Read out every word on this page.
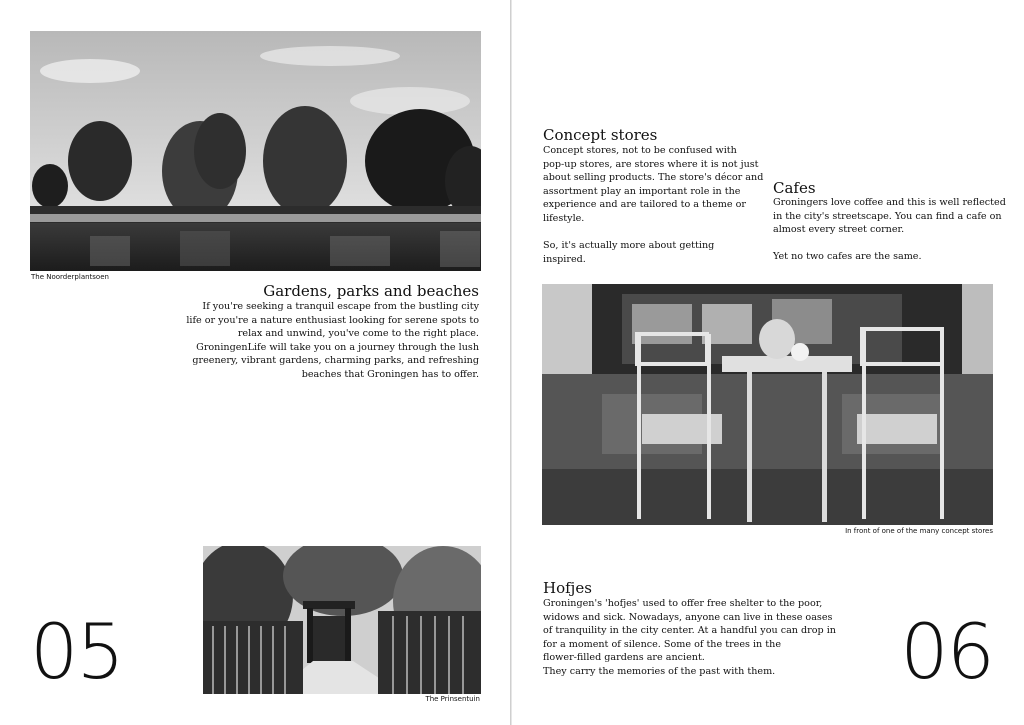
The Noorderplantsoen
Gardens, parks and beaches
If you're seeking a tranquil escape from the bustling city
life or you're a nature enthusiast looking for serene spots to
relax and unwind, you've come to the right place.
GroningenLife will take you on a journey through the lush
greenery, vibrant gardens, charming parks, and refreshing
beaches that Groningen has to offer.
The Prinsentuin
05
Concept stores
Concept stores, not to be confused with
pop-up stores, are stores where it is not just
about selling products. The store's décor and
assortment play an important role in the
experience and are tailored to a theme or
lifestyle.

So, it's actually more about getting
inspired.
Cafes
Groningers love coffee and this is well reflected
in the city's streetscape. You can find a cafe on
almost every street corner.

Yet no two cafes are the same.
In front of one of the many concept stores
Hofjes
Groningen's 'hofjes' used to offer free shelter to the poor,
widows and sick. Nowadays, anyone can live in these oases
of tranquility in the city center. At a handful you can drop in
for a moment of silence. Some of the trees in the
flower-filled gardens are ancient.
They carry the memories of the past with them.	06
